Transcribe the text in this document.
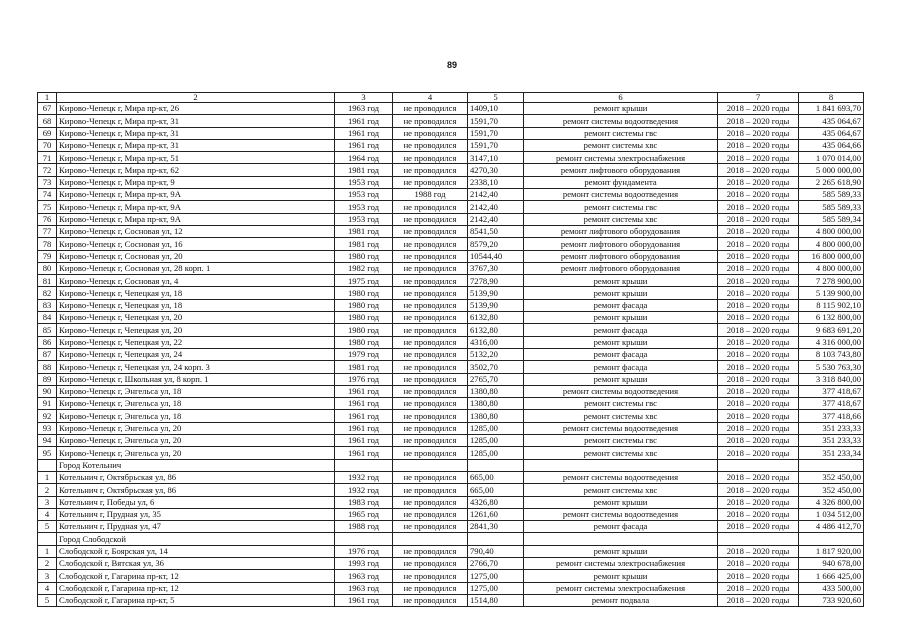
89
1	2	3	4	5	6	7	8
67	Кирово-Чепецк г, Мира пр-кт, 26	1963 год	не проводился	1409,10	ремонт крыши	2018 – 2020 годы	1 841 693,70
68	Кирово-Чепецк г, Мира пр-кт, 31	1961 год	не проводился	1591,70	ремонт системы водоотведения	2018 – 2020 годы	435 064,67
69	Кирово-Чепецк г, Мира пр-кт, 31	1961 год	не проводился	1591,70	ремонт системы гвс	2018 – 2020 годы	435 064,67
70	Кирово-Чепецк г, Мира пр-кт, 31	1961 год	не проводился	1591,70	ремонт системы хвс	2018 – 2020 годы	435 064,66
71	Кирово-Чепецк г, Мира пр-кт, 51	1964 год	не проводился	3147,10	ремонт системы электроснабжения	2018 – 2020 годы	1 070 014,00
72	Кирово-Чепецк г, Мира пр-кт, 62	1981 год	не проводился	4270,30	ремонт лифтового оборудования	2018 – 2020 годы	5 000 000,00
73	Кирово-Чепецк г, Мира пр-кт, 9	1953 год	не проводился	2338,10	ремонт фундамента	2018 – 2020 годы	2 265 618,90
74	Кирово-Чепецк г, Мира пр-кт, 9А	1953 год	1988 год	2142,40	ремонт системы водоотведения	2018 – 2020 годы	585 589,33
75	Кирово-Чепецк г, Мира пр-кт, 9А	1953 год	не проводился	2142,40	ремонт системы гвс	2018 – 2020 годы	585 589,33
76	Кирово-Чепецк г, Мира пр-кт, 9А	1953 год	не проводился	2142,40	ремонт системы хвс	2018 – 2020 годы	585 589,34
77	Кирово-Чепецк г, Сосновая ул, 12	1981 год	не проводился	8541,50	ремонт лифтового оборудования	2018 – 2020 годы	4 800 000,00
78	Кирово-Чепецк г, Сосновая ул, 16	1981 год	не проводился	8579,20	ремонт лифтового оборудования	2018 – 2020 годы	4 800 000,00
79	Кирово-Чепецк г, Сосновая ул, 20	1980 год	не проводился	10544,40	ремонт лифтового оборудования	2018 – 2020 годы	16 800 000,00
80	Кирово-Чепецк г, Сосновая ул, 28 корп. 1	1982 год	не проводился	3767,30	ремонт лифтового оборудования	2018 – 2020 годы	4 800 000,00
81	Кирово-Чепецк г, Сосновая ул, 4	1975 год	не проводился	7278,90	ремонт крыши	2018 – 2020 годы	7 278 900,00
82	Кирово-Чепецк г, Чепецкая ул, 18	1980 год	не проводился	5139,90	ремонт крыши	2018 – 2020 годы	5 139 900,00
83	Кирово-Чепецк г, Чепецкая ул, 18	1980 год	не проводился	5139,90	ремонт фасада	2018 – 2020 годы	8 115 902,10
84	Кирово-Чепецк г, Чепецкая ул, 20	1980 год	не проводился	6132,80	ремонт крыши	2018 – 2020 годы	6 132 800,00
85	Кирово-Чепецк г, Чепецкая ул, 20	1980 год	не проводился	6132,80	ремонт фасада	2018 – 2020 годы	9 683 691,20
86	Кирово-Чепецк г, Чепецкая ул, 22	1980 год	не проводился	4316,00	ремонт крыши	2018 – 2020 годы	4 316 000,00
87	Кирово-Чепецк г, Чепецкая ул, 24	1979 год	не проводился	5132,20	ремонт фасада	2018 – 2020 годы	8 103 743,80
88	Кирово-Чепецк г, Чепецкая ул, 24 корп. 3	1981 год	не проводился	3502,70	ремонт фасада	2018 – 2020 годы	5 530 763,30
89	Кирово-Чепецк г, Школьная ул, 8 корп. 1	1976 год	не проводился	2765,70	ремонт крыши	2018 – 2020 годы	3 318 840,00
90	Кирово-Чепецк г, Энгельса ул, 18	1961 год	не проводился	1380,80	ремонт системы водоотведения	2018 – 2020 годы	377 418,67
91	Кирово-Чепецк г, Энгельса ул, 18	1961 год	не проводился	1380,80	ремонт системы гвс	2018 – 2020 годы	377 418,67
92	Кирово-Чепецк г, Энгельса ул, 18	1961 год	не проводился	1380,80	ремонт системы хвс	2018 – 2020 годы	377 418,66
93	Кирово-Чепецк г, Энгельса ул, 20	1961 год	не проводился	1285,00	ремонт системы водоотведения	2018 – 2020 годы	351 233,33
94	Кирово-Чепецк г, Энгельса ул, 20	1961 год	не проводился	1285,00	ремонт системы гвс	2018 – 2020 годы	351 233,33
95	Кирово-Чепецк г, Энгельса ул, 20	1961 год	не проводился	1285,00	ремонт системы хвс	2018 – 2020 годы	351 233,34
	Город Котельнич						
1	Котельнич г, Октябрьская ул, 86	1932 год	не проводился	665,00	ремонт системы водоотведения	2018 – 2020 годы	352 450,00
2	Котельнич г, Октябрьская ул, 86	1932 год	не проводился	665,00	ремонт системы хвс	2018 – 2020 годы	352 450,00
3	Котельнич г, Победы ул, 6	1983 год	не проводился	4326,80	ремонт крыши	2018 – 2020 годы	4 326 800,00
4	Котельнич г, Прудная ул, 35	1965 год	не проводился	1261,60	ремонт системы водоотведения	2018 – 2020 годы	1 034 512,00
5	Котельнич г, Прудная ул, 47	1988 год	не проводился	2841,30	ремонт фасада	2018 – 2020 годы	4 486 412,70
	Город Слободской						
1	Слободской г, Боярская ул, 14	1976 год	не проводился	790,40	ремонт крыши	2018 – 2020 годы	1 817 920,00
2	Слободской г, Вятская ул, 36	1993 год	не проводился	2766,70	ремонт системы электроснабжения	2018 – 2020 годы	940 678,00
3	Слободской г, Гагарина пр-кт, 12	1963 год	не проводился	1275,00	ремонт крыши	2018 – 2020 годы	1 666 425,00
4	Слободской г, Гагарина пр-кт, 12	1963 год	не проводился	1275,00	ремонт системы электроснабжения	2018 – 2020 годы	433 500,00
5	Слободской г, Гагарина пр-кт, 5	1961 год	не проводился	1514,80	ремонт подвала	2018 – 2020 годы	733 920,60
